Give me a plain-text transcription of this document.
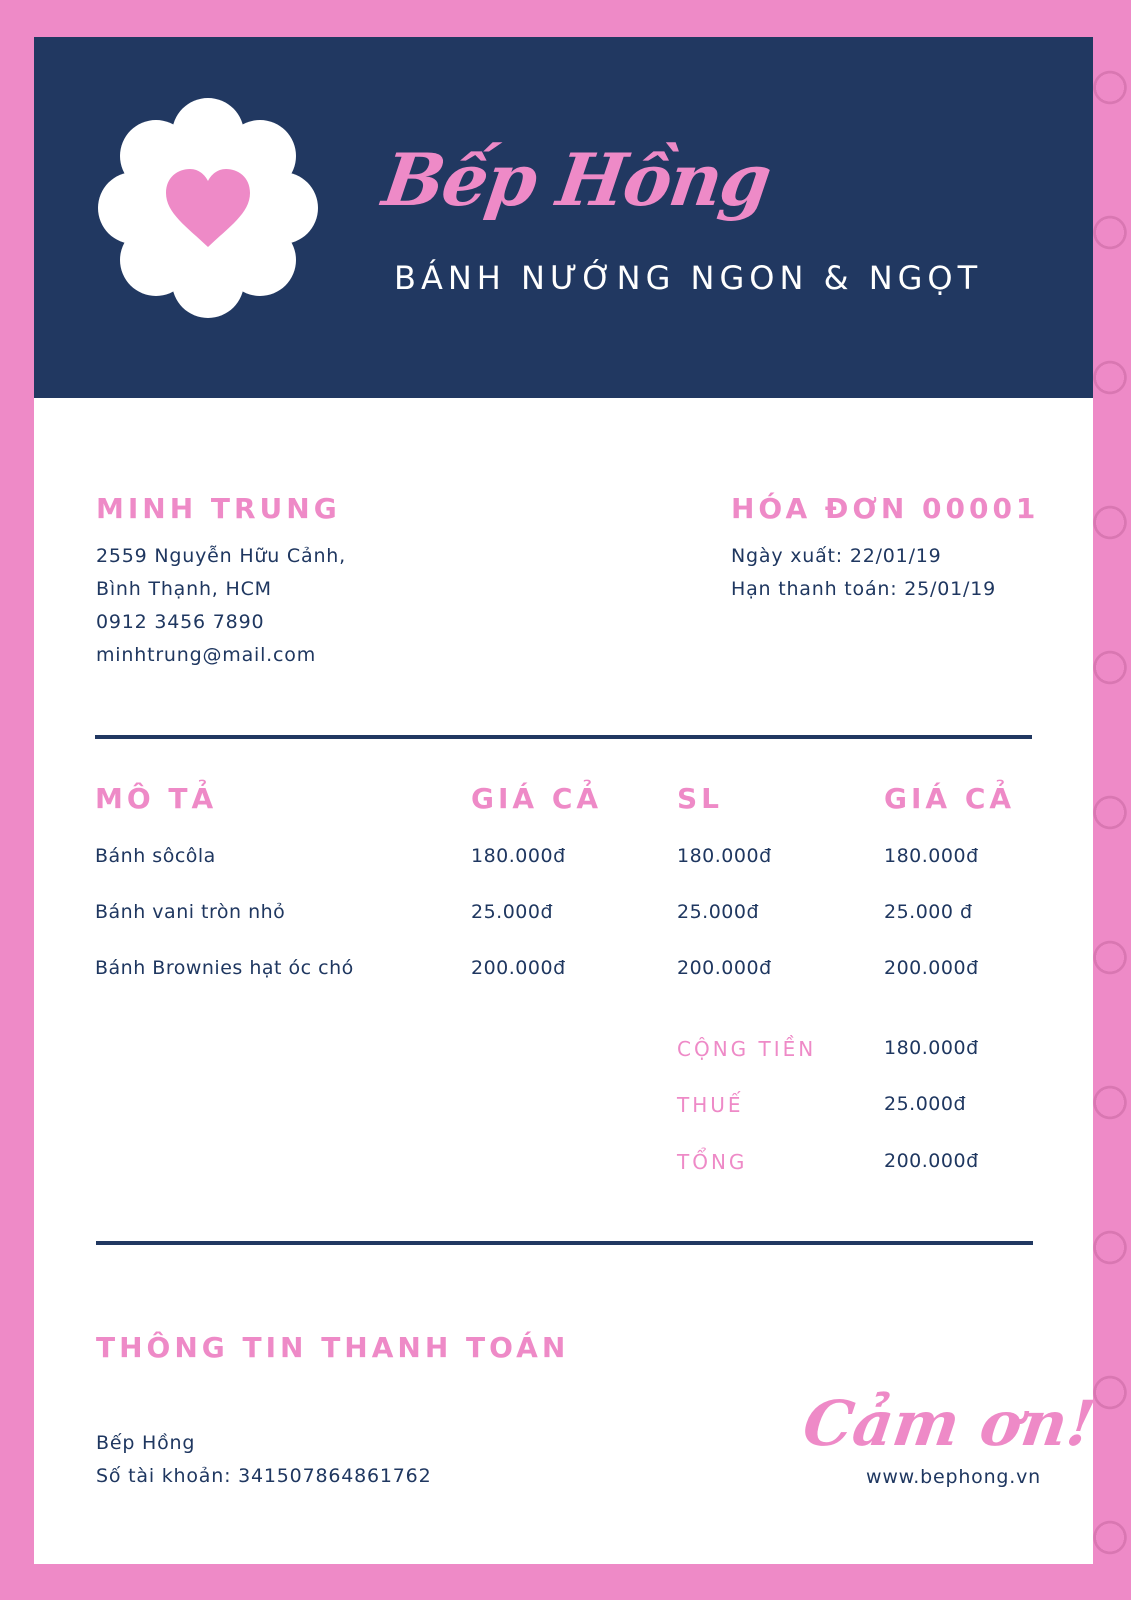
Bếp Hồng
BÁNH NƯỚNG NGON & NGỌT
MINH TRUNG
2559 Nguyễn Hữu Cảnh,
Bình Thạnh, HCM
0912 3456 7890
minhtrung@mail.com
HÓA ĐƠN 00001
Ngày xuất: 22/01/19
Hạn thanh toán: 25/01/19
MÔ TẢ	GIÁ CẢ	SL	GIÁ CẢ
Bánh sôcôla	180.000đ	180.000đ	180.000đ
Bánh vani tròn nhỏ	25.000đ	25.000đ	25.000 đ
Bánh Brownies hạt óc chó	200.000đ	200.000đ	200.000đ
CỘNG TIỀN	180.000đ
THUẾ	25.000đ
TỔNG	200.000đ
THÔNG TIN THANH TOÁN
Bếp Hồng
Số tài khoản: 341507864861762
Cảm ơn!
www.bephong.vn
